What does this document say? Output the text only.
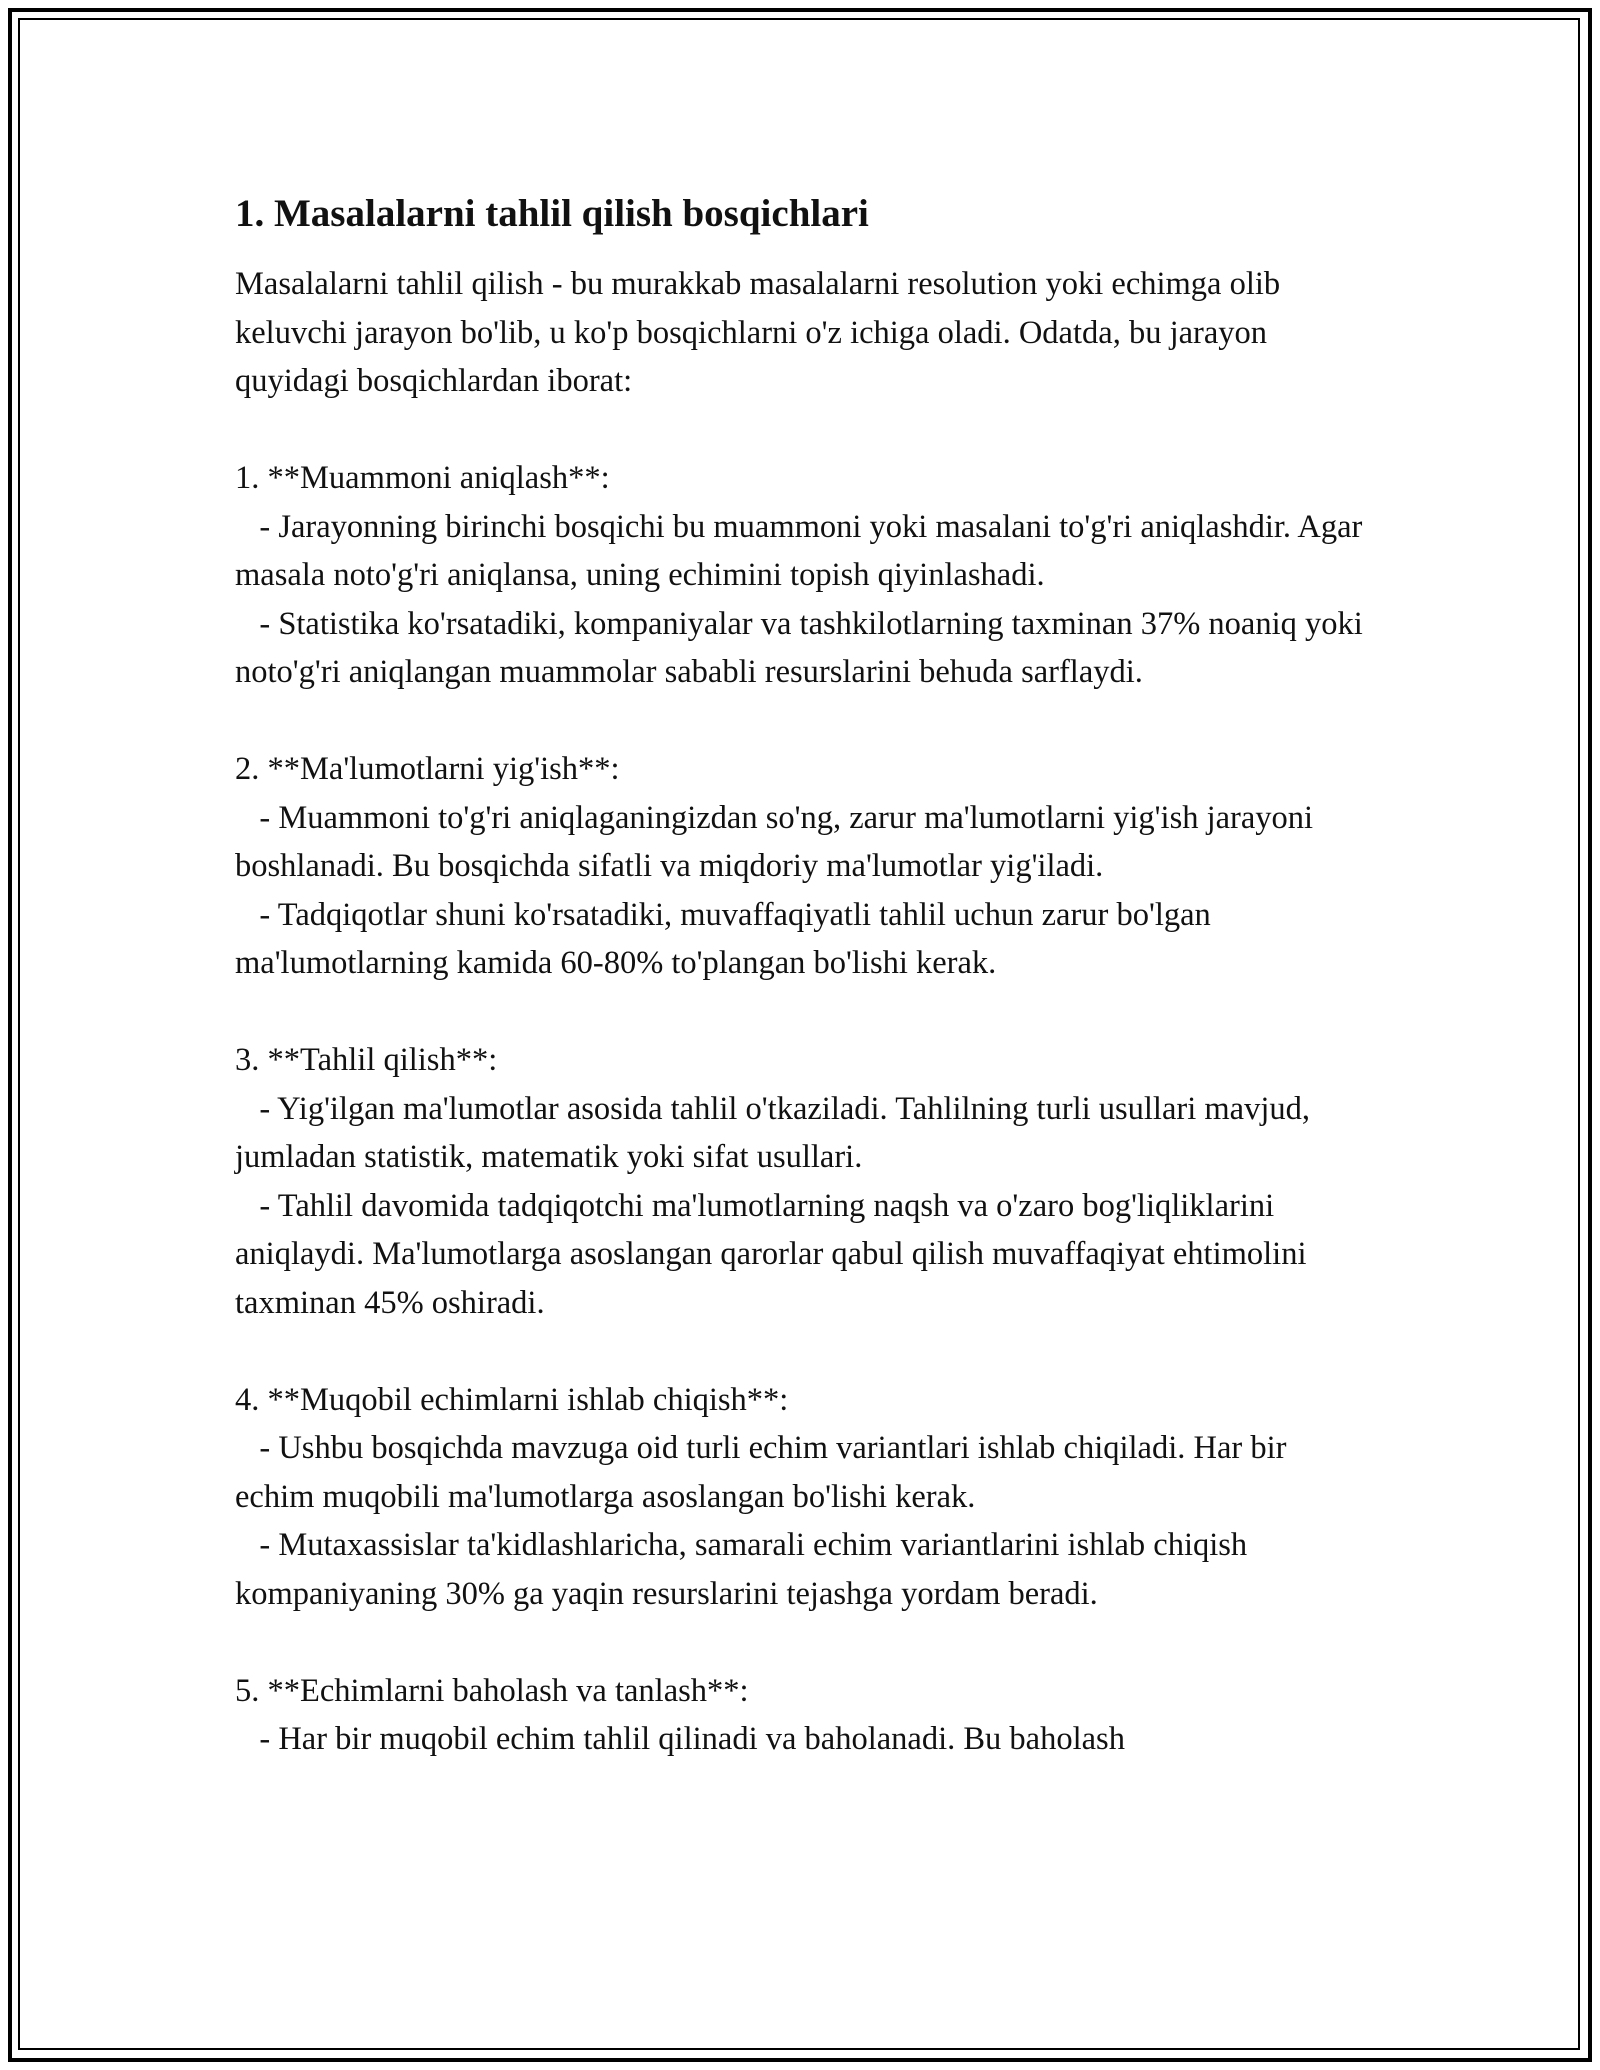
1. Masalalarni tahlil qilish bosqichlari
Masalalarni tahlil qilish - bu murakkab masalalarni resolution yoki echimga olib keluvchi jarayon bo'lib, u ko'p bosqichlarni o'z ichiga oladi. Odatda, bu jarayon quyidagi bosqichlardan iborat:

1. **Muammoni aniqlash**:
- Jarayonning birinchi bosqichi bu muammoni yoki masalani to'g'ri aniqlashdir. Agar masala noto'g'ri aniqlansa, uning echimini topish qiyinlashadi.
- Statistika ko'rsatadiki, kompaniyalar va tashkilotlarning taxminan 37% noaniq yoki noto'g'ri aniqlangan muammolar sababli resurslarini behuda sarflaydi.

2. **Ma'lumotlarni yig'ish**:
- Muammoni to'g'ri aniqlaganingizdan so'ng, zarur ma'lumotlarni yig'ish jarayoni boshlanadi. Bu bosqichda sifatli va miqdoriy ma'lumotlar yig'iladi.
- Tadqiqotlar shuni ko'rsatadiki, muvaffaqiyatli tahlil uchun zarur bo'lgan ma'lumotlarning kamida 60-80% to'plangan bo'lishi kerak.

3. **Tahlil qilish**:
- Yig'ilgan ma'lumotlar asosida tahlil o'tkaziladi. Tahlilning turli usullari mavjud, jumladan statistik, matematik yoki sifat usullari.
- Tahlil davomida tadqiqotchi ma'lumotlarning naqsh va o'zaro bog'liqliklarini aniqlaydi. Ma'lumotlarga asoslangan qarorlar qabul qilish muvaffaqiyat ehtimolini taxminan 45% oshiradi.

4. **Muqobil echimlarni ishlab chiqish**:
- Ushbu bosqichda mavzuga oid turli echim variantlari ishlab chiqiladi. Har bir echim muqobili ma'lumotlarga asoslangan bo'lishi kerak.
- Mutaxassislar ta'kidlashlaricha, samarali echim variantlarini ishlab chiqish kompaniyaning 30% ga yaqin resurslarini tejashga yordam beradi.

5. **Echimlarni baholash va tanlash**:
- Har bir muqobil echim tahlil qilinadi va baholanadi. Bu baholash
